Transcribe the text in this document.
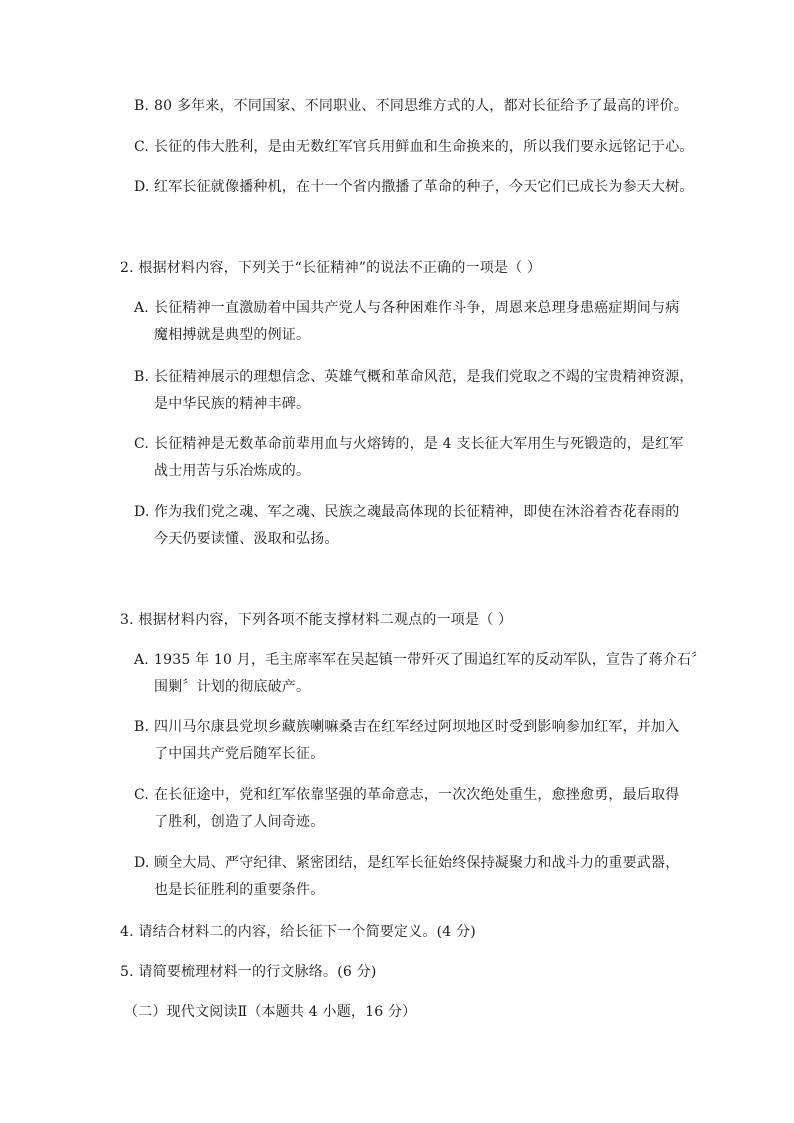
B. 80 多年来，不同国家、不同职业、不同思维方式的人，都对长征给予了最高的评价。
C. 长征的伟大胜利，是由无数红军官兵用鲜血和生命换来的，所以我们要永远铭记于心。
D. 红军长征就像播种机，在十一个省内撒播了革命的种子，今天它们已成长为参天大树。
2. 根据材料内容，下列关于“长征精神”的说法不正确的一项是（ ）
A. 长征精神一直激励着中国共产党人与各种困难作斗争，周恩来总理身患癌症期间与病
魔相搏就是典型的例证。
B. 长征精神展示的理想信念、英雄气概和革命风范，是我们党取之不竭的宝贵精神资源，
是中华民族的精神丰碑。
C. 长征精神是无数革命前辈用血与火熔铸的，是 4 支长征大军用生与死锻造的，是红军
战士用苦与乐冶炼成的。
D. 作为我们党之魂、军之魂、民族之魂最高体现的长征精神，即使在沐浴着杏花春雨的
今天仍要读懂、汲取和弘扬。
3. 根据材料内容，下列各项不能支撑材料二观点的一项是（ ）
A. 1935 年 10 月，毛主席率军在吴起镇一带歼灭了围追红军的反动军队，宣告了蒋介石〞
围剿〞计划的彻底破产。
B. 四川马尔康县党坝乡藏族喇嘛桑吉在红军经过阿坝地区时受到影响参加红军，并加入
了中国共产党后随军长征。
C. 在长征途中，党和红军依靠坚强的革命意志，一次次绝处重生，愈挫愈勇，最后取得
了胜利，创造了人间奇迹。
D. 顾全大局、严守纪律、紧密团结，是红军长征始终保持凝聚力和战斗力的重要武器，
也是长征胜利的重要条件。
4. 请结合材料二的内容，给长征下一个简要定义。(4 分)
5. 请简要梳理材料一的行文脉络。(6 分)
（二）现代文阅读Ⅱ（本题共 4 小题，16 分）
